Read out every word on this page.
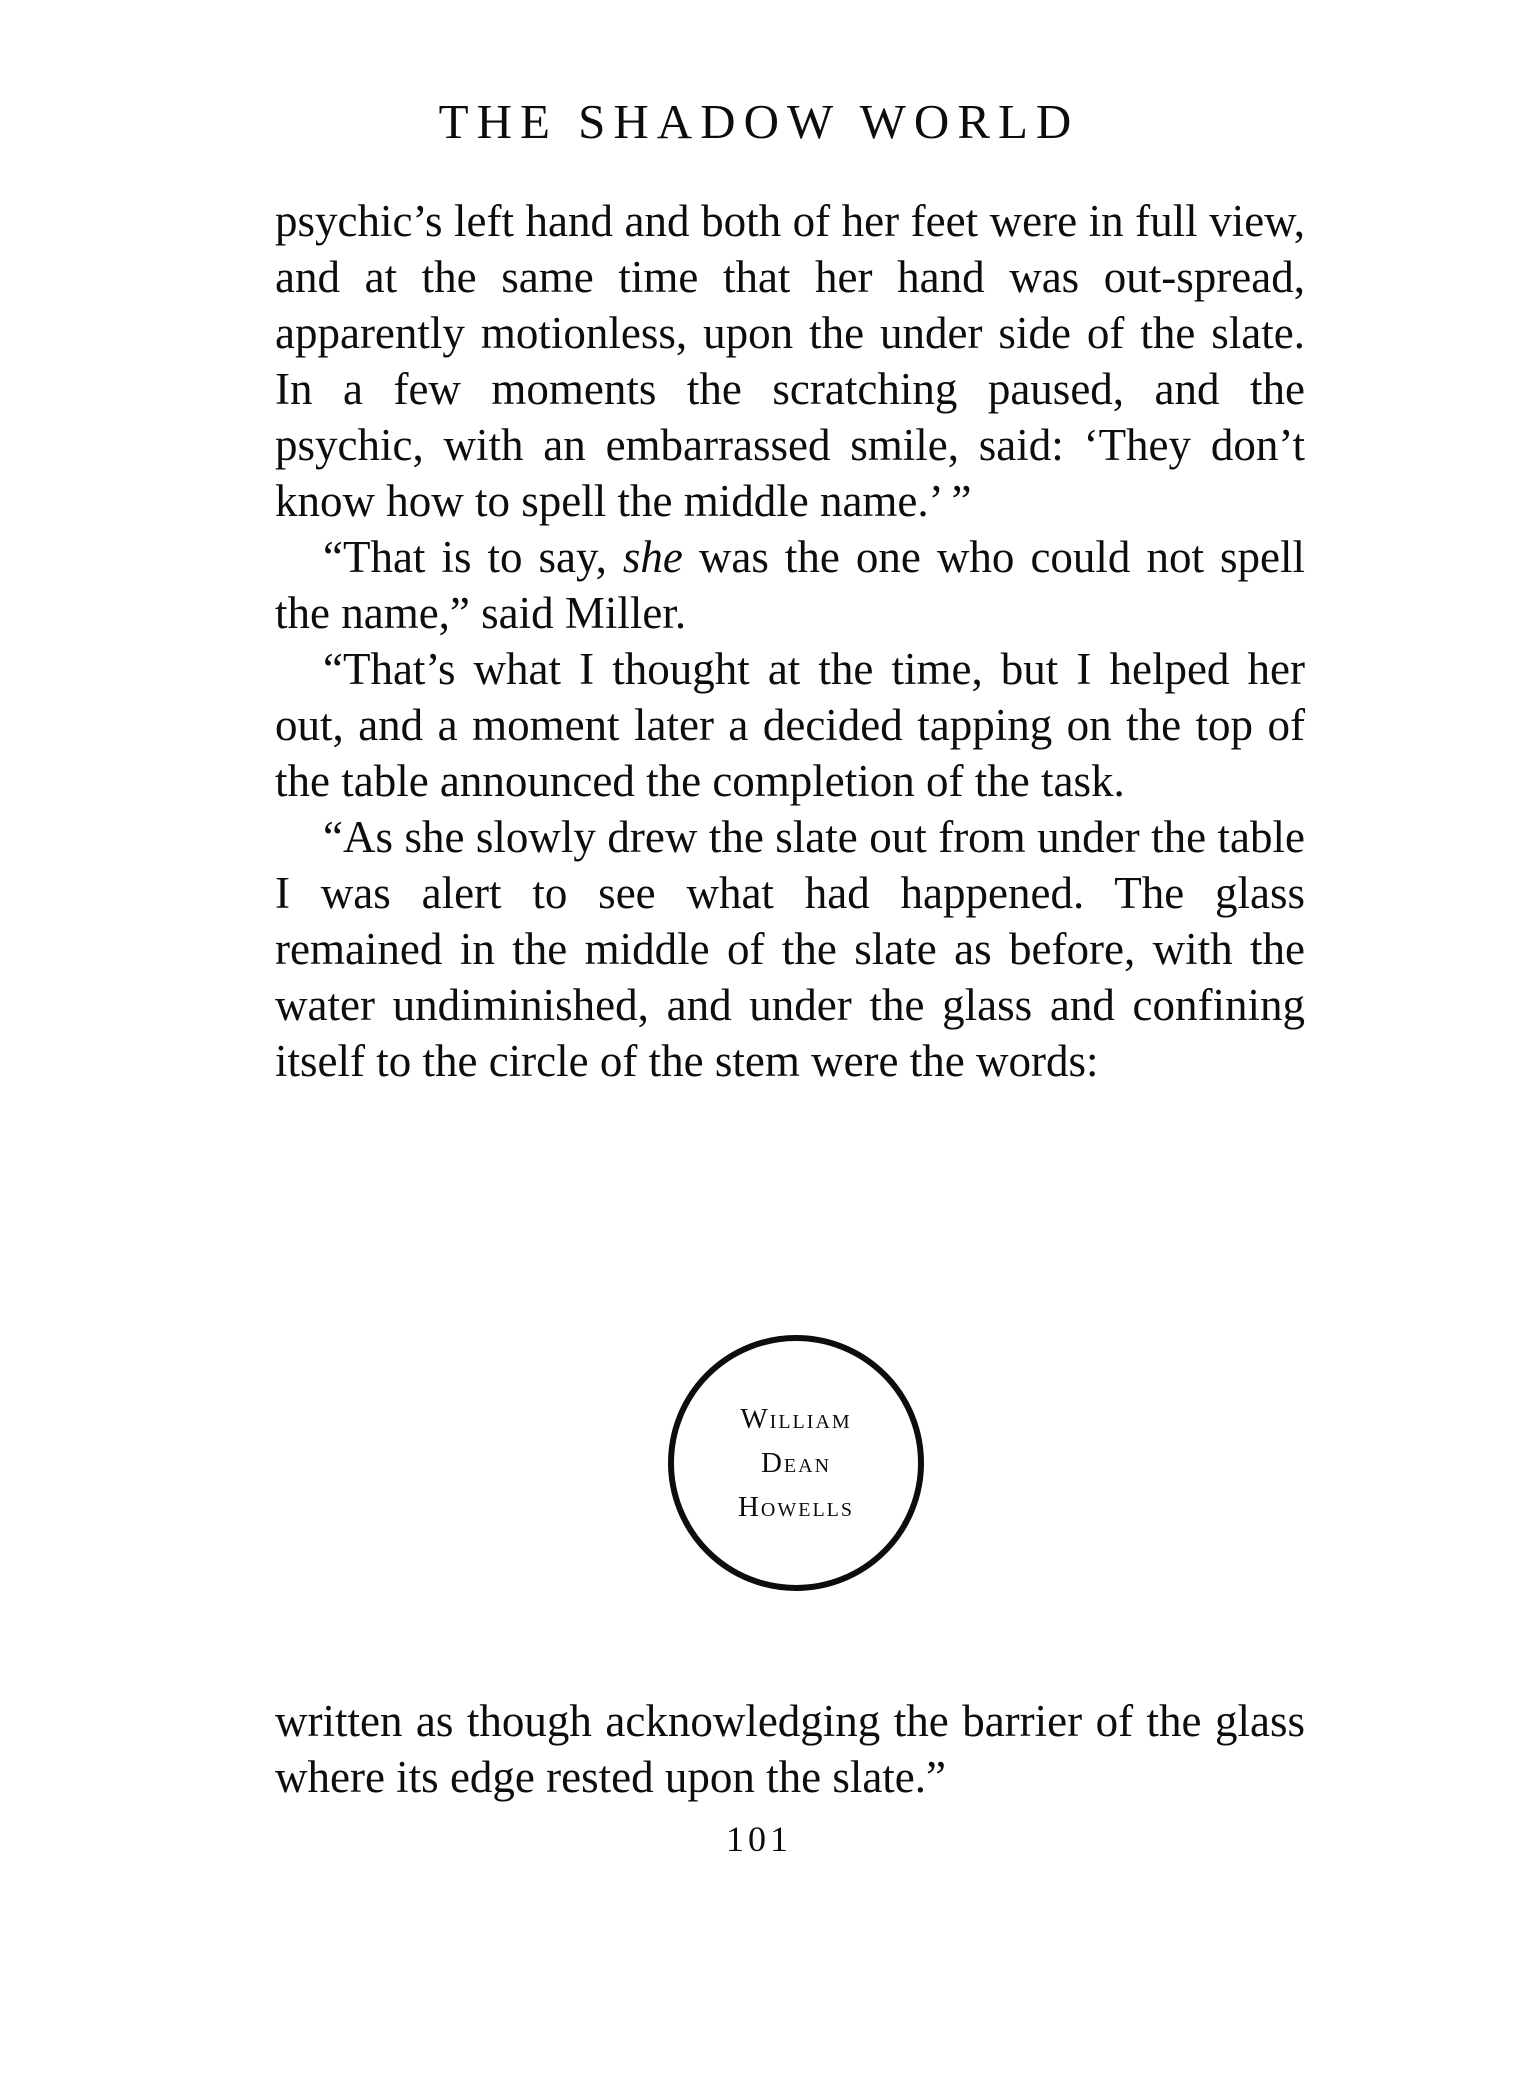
THE SHADOW WORLD

psychic’s left hand and both of her feet were in full view, and at the same time that her hand was out-spread, apparently motionless, upon the under side of the slate. In a few moments the scratching paused, and the psychic, with an embarrassed smile, said: ‘They don’t know how to spell the middle name.’ ”

“That is to say, she was the one who could not spell the name,” said Miller.

“That’s what I thought at the time, but I helped her out, and a moment later a decided tapping on the top of the table announced the completion of the task.

“As she slowly drew the slate out from under the table I was alert to see what had happened. The glass remained in the middle of the slate as before, with the water undiminished, and under the glass and confining itself to the circle of the stem were the words:

William
Dean
Howells

written as though acknowledging the barrier of the glass where its edge rested upon the slate.”

101
